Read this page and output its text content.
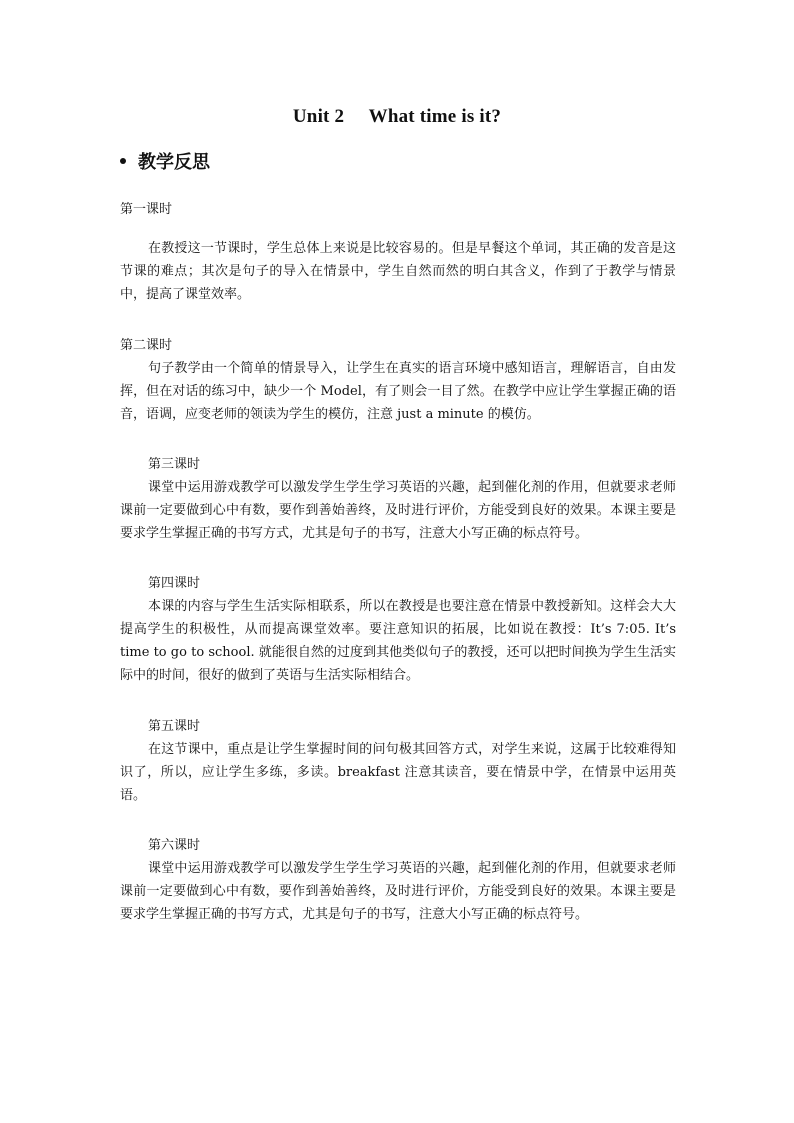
Unit 2     What time is it?
教学反思
第一课时

在教授这一节课时，学生总体上来说是比较容易的。但是早餐这个单词，其正确的发音是这节课的难点；其次是句子的导入在情景中，学生自然而然的明白其含义，作到了于教学与情景中，提高了课堂效率。

第二课时

句子教学由一个简单的情景导入，让学生在真实的语言环境中感知语言，理解语言，自由发挥，但在对话的练习中，缺少一个 Model，有了则会一目了然。在教学中应让学生掌握正确的语音，语调，应变老师的领读为学生的模仿，注意 just a minute 的模仿。

第三课时

课堂中运用游戏教学可以激发学生学生学习英语的兴趣，起到催化剂的作用，但就要求老师课前一定要做到心中有数，要作到善始善终，及时进行评价，方能受到良好的效果。本课主要是要求学生掌握正确的书写方式，尤其是句子的书写，注意大小写正确的标点符号。

第四课时

本课的内容与学生生活实际相联系，所以在教授是也要注意在情景中教授新知。这样会大大提高学生的积极性，从而提高课堂效率。要注意知识的拓展，比如说在教授：It’s 7:05. It’s time to go to school. 就能很自然的过度到其他类似句子的教授，还可以把时间换为学生生活实际中的时间，很好的做到了英语与生活实际相结合。

第五课时

在这节课中，重点是让学生掌握时间的问句极其回答方式，对学生来说，这属于比较难得知识了，所以，应让学生多练，多读。breakfast 注意其读音，要在情景中学，在情景中运用英语。

第六课时

课堂中运用游戏教学可以激发学生学生学习英语的兴趣，起到催化剂的作用，但就要求老师课前一定要做到心中有数，要作到善始善终，及时进行评价，方能受到良好的效果。本课主要是要求学生掌握正确的书写方式，尤其是句子的书写，注意大小写正确的标点符号。
